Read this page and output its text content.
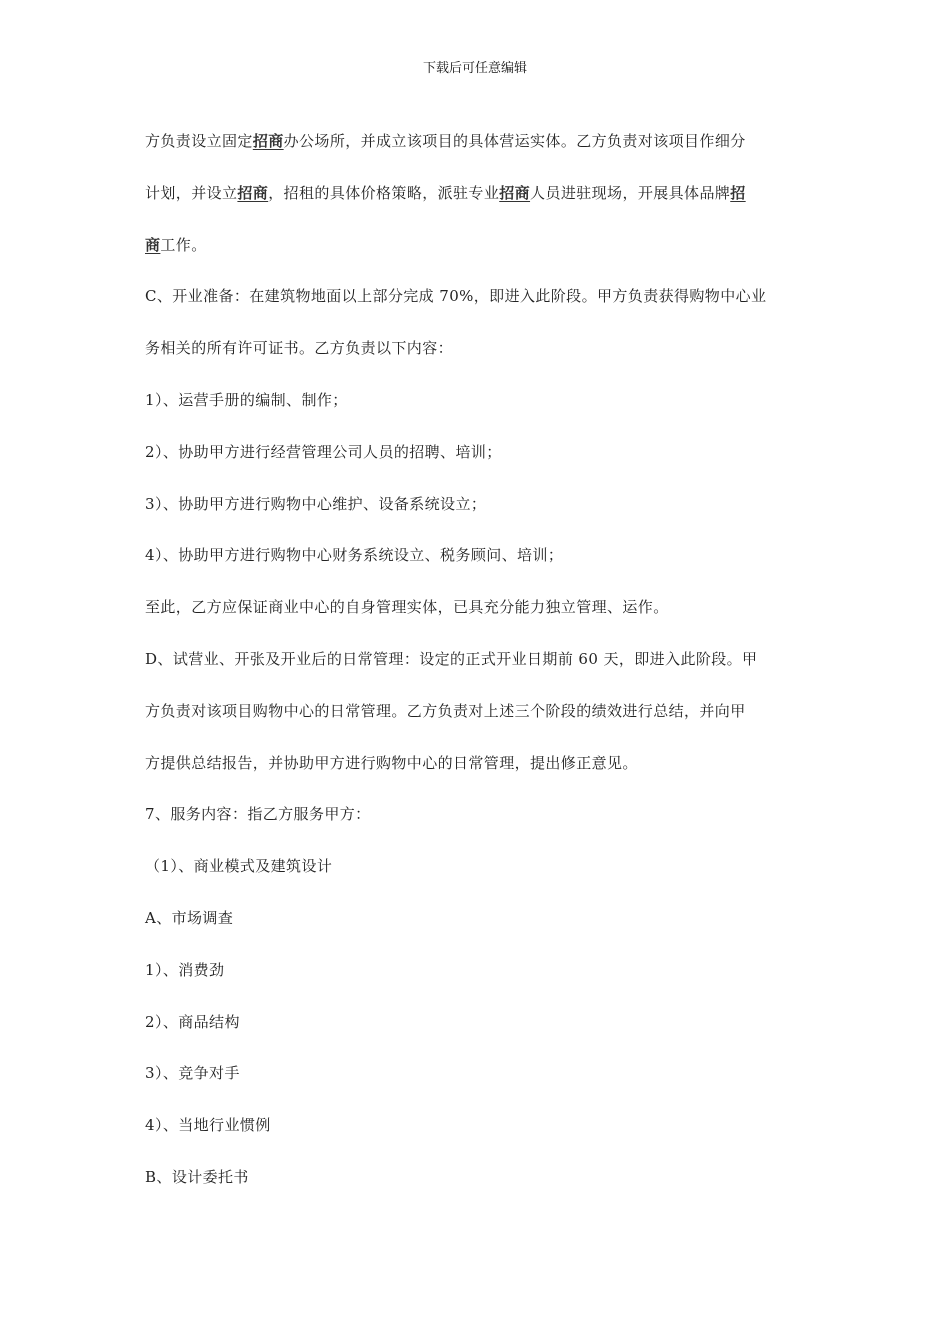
下载后可任意编辑
方负责设立固定招商办公场所，并成立该项目的具体营运实体。乙方负责对该项目作细分
计划，并设立招商，招租的具体价格策略，派驻专业招商人员进驻现场，开展具体品牌招
商工作。
C、开业准备：在建筑物地面以上部分完成 70%，即进入此阶段。甲方负责获得购物中心业
务相关的所有许可证书。乙方负责以下内容：
1）、运营手册的编制、制作；
2）、协助甲方进行经营管理公司人员的招聘、培训；
3）、协助甲方进行购物中心维护、设备系统设立；
4）、协助甲方进行购物中心财务系统设立、税务顾问、培训；
至此，乙方应保证商业中心的自身管理实体，已具充分能力独立管理、运作。
D、试营业、开张及开业后的日常管理：设定的正式开业日期前 60 天，即进入此阶段。甲
方负责对该项目购物中心的日常管理。乙方负责对上述三个阶段的绩效进行总结，并向甲
方提供总结报告，并协助甲方进行购物中心的日常管理，提出修正意见。
7、服务内容：指乙方服务甲方：
（1）、商业模式及建筑设计
A、市场调查
1）、消费劲
2）、商品结构
3）、竞争对手
4）、当地行业惯例
B、设计委托书
